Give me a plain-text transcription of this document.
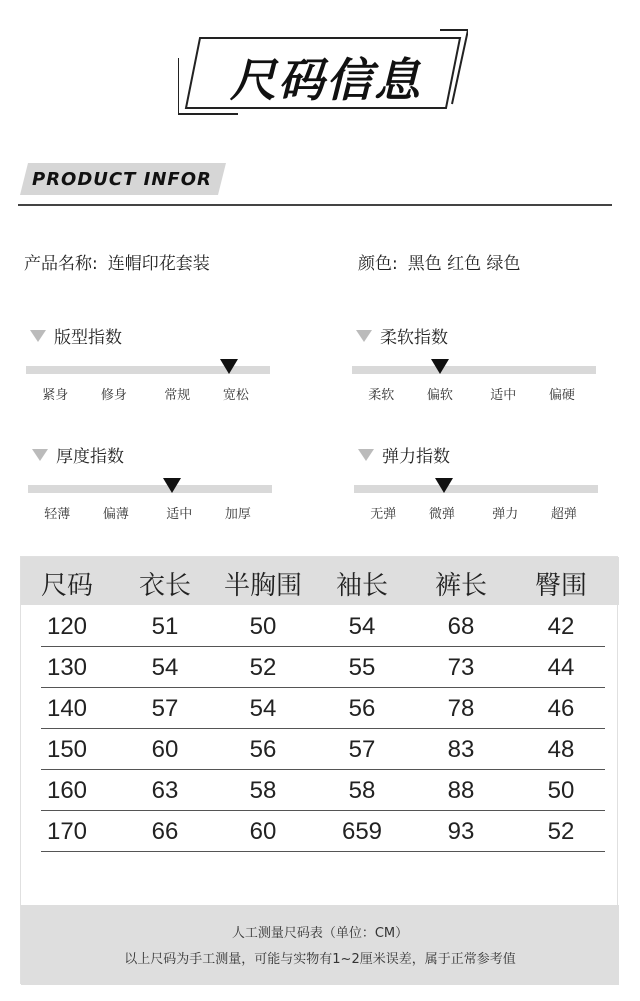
尺码信息
PRODUCT INFOR
产品名称: 连帽印花套装	颜色: 黑色 红色 绿色
版型指数
紧身	修身	常规	宽松
柔软指数
柔软	偏软	适中	偏硬
厚度指数
轻薄	偏薄	适中	加厚
弹力指数
无弹	微弹	弹力	超弹
尺码 衣长 半胸围 袖长 裤长 臀围
120	51	50	54	68	42
130	54	52	55	73	44
140	57	54	56	78	46
150	60	56	57	83	48
160	63	58	58	88	50
170	66	60	659	93	52
人工测量尺码表（单位：CM）
以上尺码为手工测量，可能与实物有1~2厘米误差，属于正常参考值
